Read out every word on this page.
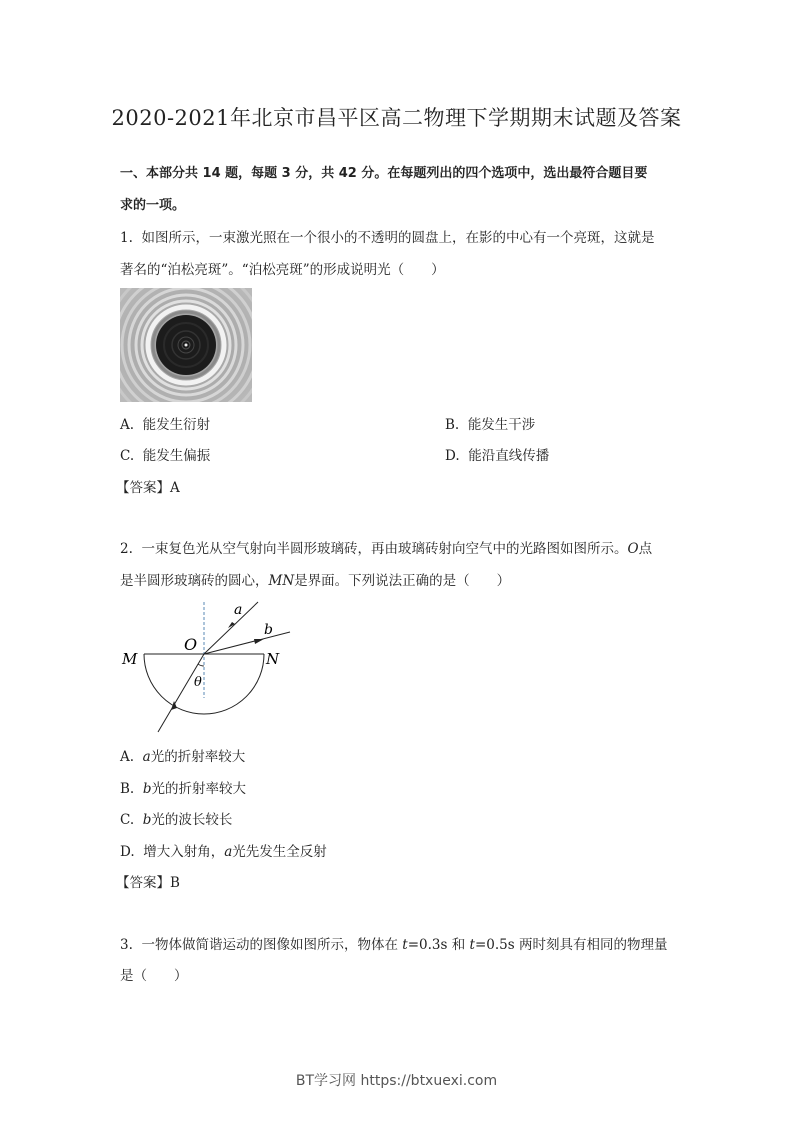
2020-2021年北京市昌平区高二物理下学期期末试题及答案
一、本部分共 14 题，每题 3 分，共 42 分。在每题列出的四个选项中，选出最符合题目要
求的一项。
1. 如图所示，一束激光照在一个很小的不透明的圆盘上，在影的中心有一个亮斑，这就是
著名的“泊松亮斑”。“泊松亮斑”的形成说明光（　　）
A. 能发生衍射	B. 能发生干涉
C. 能发生偏振	D. 能沿直线传播
【答案】A
2. 一束复色光从空气射向半圆形玻璃砖，再由玻璃砖射向空气中的光路图如图所示。O点
是半圆形玻璃砖的圆心，MN是界面。下列说法正确的是（　　）
M	N
O
a
b
θ
A. a光的折射率较大
B. b光的折射率较大
C. b光的波长较长
D. 增大入射角，a光先发生全反射
【答案】B
3. 一物体做简谐运动的图像如图所示，物体在 t=0.3s 和 t=0.5s 两时刻具有相同的物理量
是（　　）
BT学习网 https://btxuexi.com
